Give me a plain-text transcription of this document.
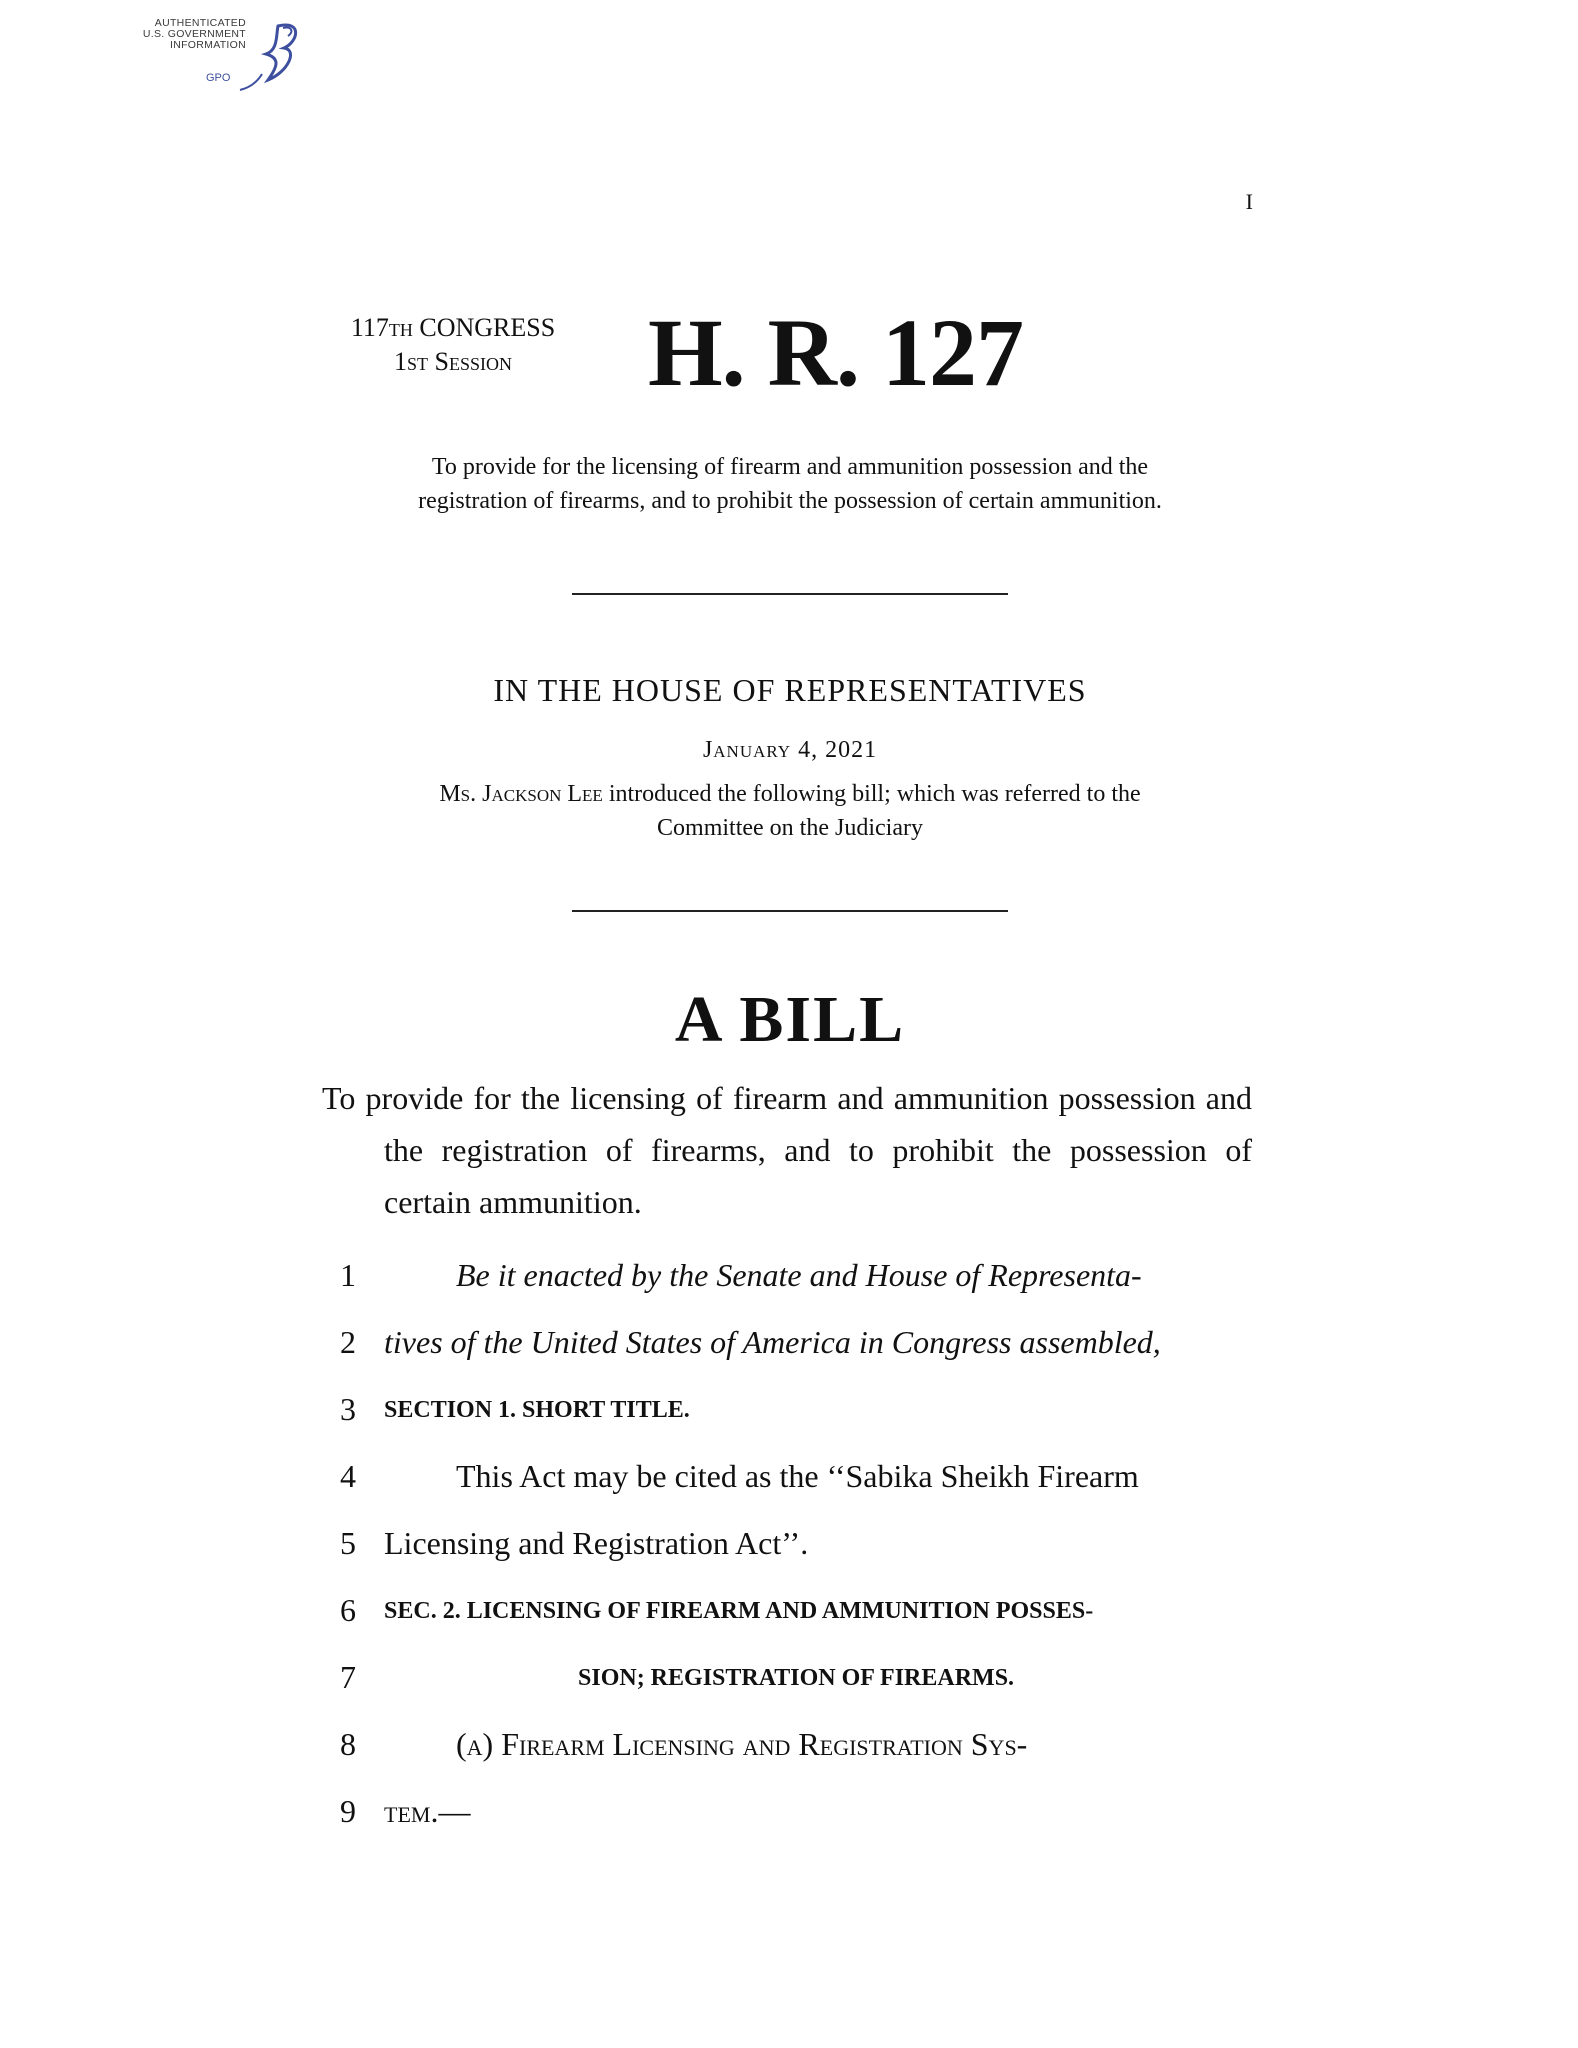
AUTHENTICATED
U.S. GOVERNMENT
INFORMATION
GPO
I
117TH CONGRESS
1ST Session	H. R. 127
To provide for the licensing of firearm and ammunition possession and the
registration of firearms, and to prohibit the possession of certain ammunition.
IN THE HOUSE OF REPRESENTATIVES
January 4, 2021
Ms. Jackson Lee introduced the following bill; which was referred to the
Committee on the Judiciary
A BILL

To provide for the licensing of firearm and ammunition possession and the registration of firearms, and to prohibit the possession of certain ammunition.

1
2
3
4
5
6
7
8
9
Be it enacted by the Senate and House of Representa-
tives of the United States of America in Congress assembled,
SECTION 1. SHORT TITLE.
This Act may be cited as the ‘‘Sabika Sheikh Firearm
Licensing and Registration Act’’.
SEC. 2. LICENSING OF FIREARM AND AMMUNITION POSSES-
SION; REGISTRATION OF FIREARMS.
(a) Firearm Licensing and Registration Sys-
tem.—
